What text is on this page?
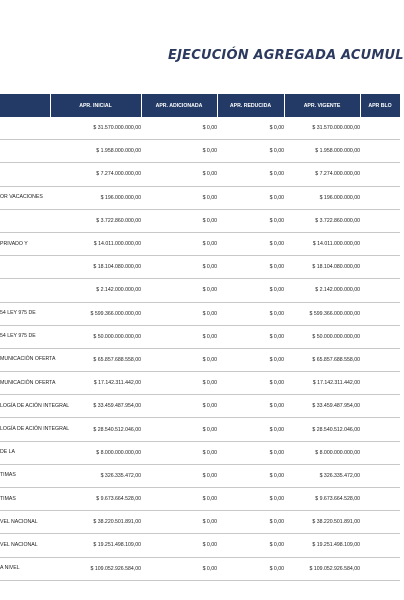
EJECUCIÓN AGREGADA ACUMUL
	APR. INICIAL	APR. ADICIONADA	APR. REDUCIDA	APR. VIGENTE	APR BLO
	$ 31.570.000.000,00	$ 0,00	$ 0,00	$ 31.570.000.000,00	
	$ 1.958.000.000,00	$ 0,00	$ 0,00	$ 1.958.000.000,00	
	$ 7.274.000.000,00	$ 0,00	$ 0,00	$ 7.274.000.000,00	
OR VACACIONES	$ 196.000.000,00	$ 0,00	$ 0,00	$ 196.000.000,00	
	$ 3.722.860.000,00	$ 0,00	$ 0,00	$ 3.722.860.000,00	
PRIVADO Y	$ 14.011.000.000,00	$ 0,00	$ 0,00	$ 14.011.000.000,00	
	$ 18.104.080.000,00	$ 0,00	$ 0,00	$ 18.104.080.000,00	
	$ 2.142.000.000,00	$ 0,00	$ 0,00	$ 2.142.000.000,00	
54 LEY 975 DE	$ 599.366.000.000,00	$ 0,00	$ 0,00	$ 599.366.000.000,00	
54 LEY 975 DE	$ 50.000.000.000,00	$ 0,00	$ 0,00	$ 50.000.000.000,00	
MUNICACIÓN OFERTA	$ 65.857.688.558,00	$ 0,00	$ 0,00	$ 65.857.688.558,00	
MUNICACIÓN OFERTA	$ 17.142.311.442,00	$ 0,00	$ 0,00	$ 17.142.311.442,00	
LOGÍA DE ACIÓN INTEGRAL	$ 33.459.487.954,00	$ 0,00	$ 0,00	$ 33.459.487.954,00	
LOGÍA DE ACIÓN INTEGRAL	$ 28.540.512.046,00	$ 0,00	$ 0,00	$ 28.540.512.046,00	
DE LA	$ 8.000.000.000,00	$ 0,00	$ 0,00	$ 8.000.000.000,00	
TIMAS	$ 326.335.472,00	$ 0,00	$ 0,00	$ 326.335.472,00	
TIMAS	$ 9.673.664.528,00	$ 0,00	$ 0,00	$ 9.673.664.528,00	
VEL NACIONAL	$ 38.220.501.891,00	$ 0,00	$ 0,00	$ 38.220.501.891,00	
VEL NACIONAL	$ 19.251.498.109,00	$ 0,00	$ 0,00	$ 19.251.498.109,00	
A NIVEL	$ 109.052.926.584,00	$ 0,00	$ 0,00	$ 109.052.926.584,00	
